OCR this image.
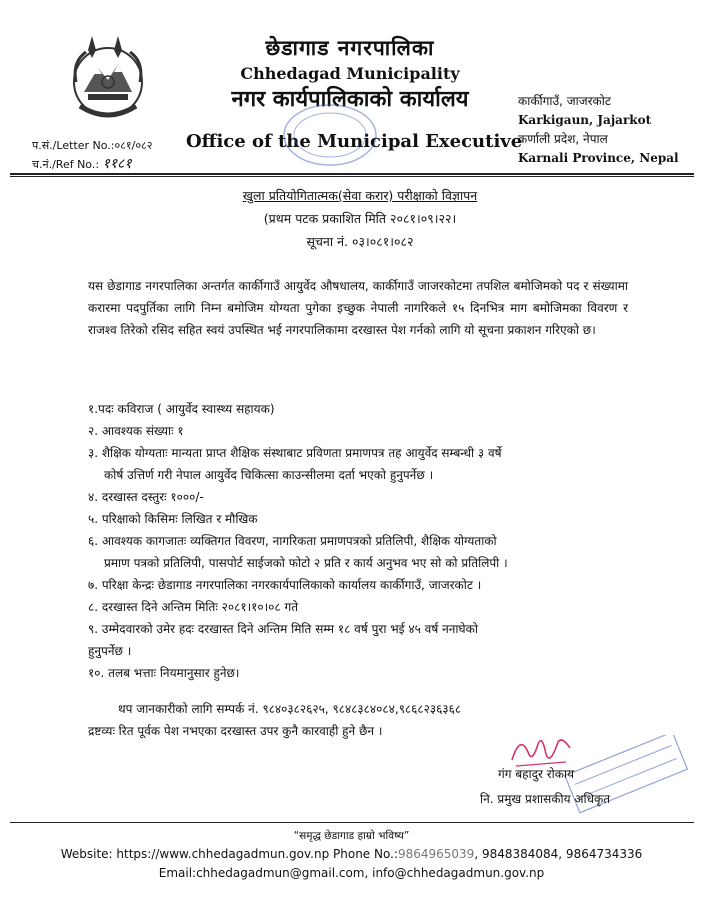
छेडागाड नगरपालिका
Chhedagad Municipality
नगर कार्यपालिकाको कार्यालय
Office of the Municipal Executive
प.सं./Letter No.:०८१/०८२
च.नं./Ref No.: ११८१
कार्कीगाउँ, जाजरकोट
Karkigaun, Jajarkot
कर्णाली प्रदेश, नेपाल
Karnali Province, Nepal
खुला प्रतियोगितात्मक(सेवा करार) परीक्षाको विज्ञापन
(प्रथम पटक प्रकाशित मिति २०८१।०९।२२।
सूचना नं. ०३।०८१।०८२
यस छेडागाड नगरपालिका अन्तर्गत कार्कीगाउँ आयुर्वेद औषधालय, कार्कीगाउँ जाजरकोटमा तपशिल बमोजिमको पद र संख्यामा करारमा पदपुर्तिका लागि निम्न बमोजिम योग्यता पुगेका इच्छुक नेपाली नागरिकले १५ दिनभित्र माग बमोजिमका विवरण र राजश्व तिरेको रसिद सहित स्वयं उपस्थित भई नगरपालिकामा दरखास्त पेश गर्नको लागि यो सूचना प्रकाशन गरिएको छ।
१.पदः कविराज ( आयुर्वेद स्वास्थ्य सहायक)
२. आवश्यक संख्याः १
३. शैक्षिक योग्यताः मान्यता प्राप्त शैक्षिक संस्थाबाट प्रविणता प्रमाणपत्र तह आयुर्वेद सम्बन्धी ३ वर्षे
कोर्ष उत्तिर्ण गरी नेपाल आयुर्वेद चिकित्सा काउन्सीलमा दर्ता भएको हुनुपर्नेछ ।
४. दरखास्त दस्तुरः १०००/-
५. परिक्षाको किसिमः लिखित र मौखिक
६. आवश्यक कागजातः व्यक्तिगत विवरण, नागरिकता प्रमाणपत्रको प्रतिलिपी, शैक्षिक योग्यताको
प्रमाण पत्रको प्रतिलिपी, पासपोर्ट साईजको फोटो २ प्रति र कार्य अनुभव भए सो को प्रतिलिपी ।
७. परिक्षा केन्द्रः छेडागाड नगरपालिका नगरकार्यपालिकाको कार्यालय कार्कीगाउँ, जाजरकोट ।
८. दरखास्त दिने अन्तिम मितिः २०८१।१०।०८ गते
९. उम्मेदवारको उमेर हदः दरखास्त दिने अन्तिम मिति सम्म १८ वर्ष पुरा भई ४५ वर्ष ननाघेको
हुनुपर्नेछ ।
१०. तलब भत्ताः नियमानुसार हुनेछ।
थप जानकारीको लागि सम्पर्क नं. ९८४०३८२६२५, ९८४८३८४०८४,९८६८२३६३६८
द्रष्टव्यः रित पूर्वक पेश नभएका दरखास्त उपर कुनै कारवाही हुने छैन ।
गंग बहादुर रोकाय
नि. प्रमुख प्रशासकीय अधिकृत
“समृद्ध छेडागाड हाम्रो भविष्य”
Website: https://www.chhedagadmun.gov.np Phone No.:9864965039, 9848384084, 9864734336
Email:chhedagadmun@gmail.com, info@chhedagadmun.gov.np
